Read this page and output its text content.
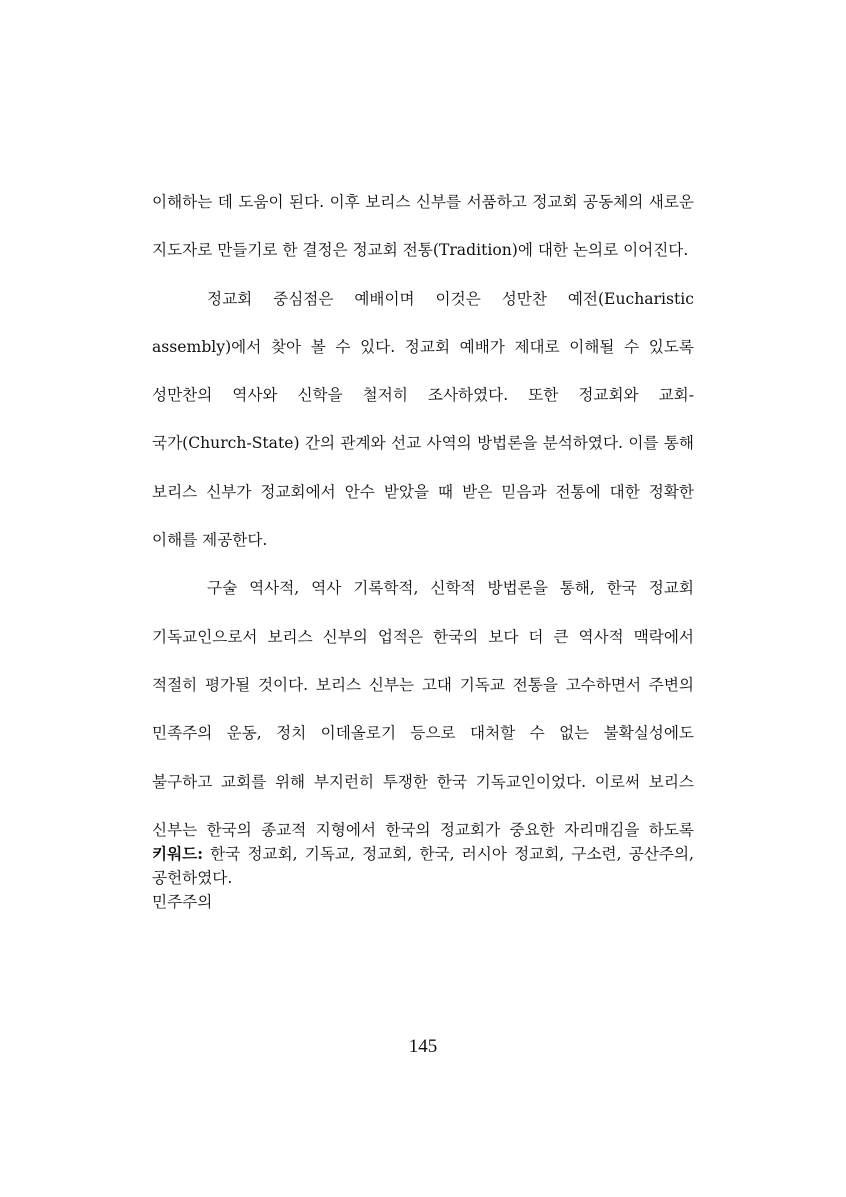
이해하는 데 도움이 된다. 이후 보리스 신부를 서품하고 정교회 공동체의 새로운
지도자로 만들기로 한 결정은 정교회 전통(Tradition)에 대한 논의로 이어진다.
정교회 중심점은 예배이며 이것은 성만찬 예전(Eucharistic
assembly)에서 찾아 볼 수 있다. 정교회 예배가 제대로 이해될 수 있도록
성만찬의 역사와 신학을 철저히 조사하였다. 또한 정교회와 교회-
국가(Church-State) 간의 관계와 선교 사역의 방법론을 분석하였다. 이를 통해
보리스 신부가 정교회에서 안수 받았을 때 받은 믿음과 전통에 대한 정확한
이해를 제공한다.
구술 역사적, 역사 기록학적, 신학적 방법론을 통해, 한국 정교회
기독교인으로서 보리스 신부의 업적은 한국의 보다 더 큰 역사적 맥락에서
적절히 평가될 것이다. 보리스 신부는 고대 기독교 전통을 고수하면서 주변의
민족주의 운동, 정치 이데올로기 등으로 대처할 수 없는 불확실성에도
불구하고 교회를 위해 부지런히 투쟁한 한국 기독교인이었다. 이로써 보리스
신부는 한국의 종교적 지형에서 한국의 정교회가 중요한 자리매김을 하도록
공헌하였다.
키워드: 한국 정교회, 기독교, 정교회, 한국, 러시아 정교회, 구소련, 공산주의,
민주주의
145
